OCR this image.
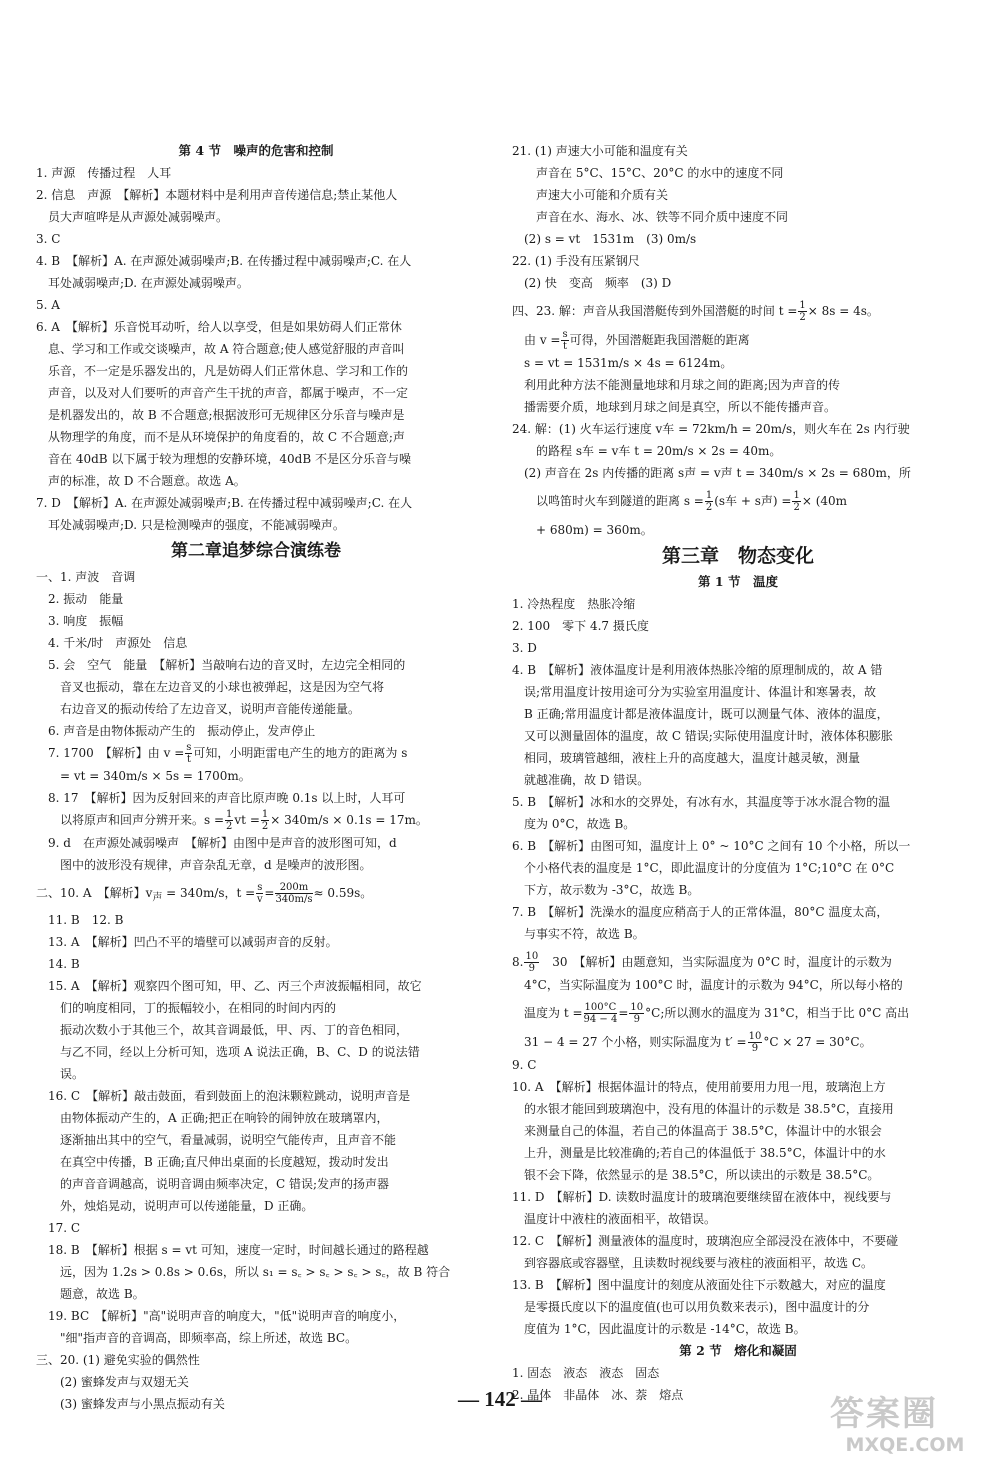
第 4 节　噪声的危害和控制
1. 声源　传播过程　人耳
2. 信息　声源　【解析】本题材料中是利用声音传递信息;禁止某他人
　员大声喧哗是从声源处减弱噪声。
3. C
4. B　【解析】A. 在声源处减弱噪声;B. 在传播过程中减弱噪声;C. 在人
　耳处减弱噪声;D. 在声源处减弱噪声。
5. A
6. A　【解析】乐音悦耳动听，给人以享受，但是如果妨碍人们正常休
　息、学习和工作或交谈噪声，故 A 符合题意;使人感觉舒服的声音叫
　乐音，不一定是乐器发出的，凡是妨碍人们正常休息、学习和工作的
　声音，以及对人们要听的声音产生干扰的声音，都属于噪声，不一定
　是机器发出的，故 B 不合题意;根据波形可无规律区分乐音与噪声是
　从物理学的角度，而不是从环境保护的角度看的，故 C 不合题意;声
　音在 40dB 以下属于较为理想的安静环境，40dB 不是区分乐音与噪
　声的标准，故 D 不合题意。故选 A。
7. D　【解析】A. 在声源处减弱噪声;B. 在传播过程中减弱噪声;C. 在人
　耳处减弱噪声;D. 只是检测噪声的强度，不能减弱噪声。
第二章追梦综合演练卷
一、1. 声波　音调
　2. 振动　能量
　3. 响度　振幅
　4. 千米/时　声源处　信息
　5. 会　空气　能量　【解析】当敲响右边的音叉时，左边完全相同的
　　音叉也振动，靠在左边音叉的小球也被弹起，这是因为空气将
　　右边音叉的振动传给了左边音叉，说明声音能传递能量。
　6. 声音是由物体振动产生的　振动停止，发声停止
　7. 1700　【解析】由 $v = \frac{s}{t}$ 可知，小明距雷电产生的地方的距离为 s
　　= vt = 340m/s × 5s = 1700m。
　8. 17　【解析】因为反射回来的声音比原声晚 0.1s 以上时，人耳可
　　以将原声和回声分辨开来。$s = \frac{1}{2}$ vt = $\frac{1}{2} \times 340m/s \times 0.1s = 17m$。
　9. d　在声源处减弱噪声　【解析】由图中是声音的波形图可知，d
　　图中的波形没有规律，声音杂乱无章，d 是噪声的波形图。
二、10. A　【解析】$v_声 = 340m/s$，$t = \frac{s}{v} = \frac{200m}{340m/s} \approx 0.59s$。
　11. B　12. B
　13. A　【解析】凹凸不平的墙壁可以减弱声音的反射。
　14. B
　15. A　【解析】观察四个图可知，甲、乙、丙三个声波振幅相同，故它
　　们的响度相同，丁的振幅较小，在相同的时间内丙的
　　振动次数小于其他三个，故其音调最低，甲、丙、丁的音色相同，
　　与乙不同，经以上分析可知，选项 A 说法正确，B、C、D 的说法错
　　误。
　16. C　【解析】敲击鼓面，看到鼓面上的泡沫颗粒跳动，说明声音是
　　由物体振动产生的，A 正确;把正在响铃的闹钟放在玻璃罩内，
　　逐渐抽出其中的空气，看量减弱，说明空气能传声，且声音不能
　　在真空中传播，B 正确;直尺伸出桌面的长度越短，拨动时发出
　　的声音音调越高，说明音调由频率决定，C 错误;发声的扬声器
　　外，烛焰晃动，说明声可以传递能量，D 正确。
　17. C
　18. B　【解析】根据 s = vt 可知，速度一定时，时间越长通过的路程越
　　远，因为 1.2s > 0.8s > 0.6s，所以 s₁ = s꜀ > s꜀ > s꜀ > s꜀，故 B 符合
　　题意，故选 B。
　19. BC　【解析】"高"说明声音的响度大，"低"说明声音的响度小，
　　"细"指声音的音调高，即频率高，综上所述，故选 BC。
三、20. (1) 避免实验的偶然性
　　(2) 蜜蜂发声与双翅无关
　　(3) 蜜蜂发声与小黑点振动有关
21. (1) 声速大小可能和温度有关
　　声音在 5°C、15°C、20°C 的水中的速度不同
　　声速大小可能和介质有关
　　声音在水、海水、冰、铁等不同介质中速度不同
　(2) s = vt　1531m　(3) 0m/s
22. (1) 手没有压紧钢尺
　(2) 快　变高　频率　(3) D
四、23. 解：声音从我国潜艇传到外国潜艇的时间 $t = \frac{1}{2} \times 8s = 4s$。
　由 $v = \frac{s}{t}$ 可得，外国潜艇距我国潜艇的距离
　s = vt = 1531m/s × 4s = 6124m。
　利用此种方法不能测量地球和月球之间的距离;因为声音的传
　播需要介质，地球到月球之间是真空，所以不能传播声音。
24. 解：(1) 火车运行速度 v车 = 72km/h = 20m/s，则火车在 2s 内行驶
　　的路程 s车 = v车 t = 20m/s × 2s = 40m。
　(2) 声音在 2s 内传播的距离 s声 = v声 t = 340m/s × 2s = 680m，所
　　以鸣笛时火车到隧道的距离 $s = \frac{1}{2} (s$车 + s声) = $\frac{1}{2} \times (40m$
　　+ 680m) = 360m。
第三章　物态变化
第 1 节　温度
1. 冷热程度　热胀冷缩
2. 100　零下 4.7 摄氏度
3. D
4. B　【解析】液体温度计是利用液体热胀冷缩的原理制成的，故 A 错
　误;常用温度计按用途可分为实验室用温度计、体温计和寒暑表，故
　B 正确;常用温度计都是液体温度计，既可以测量气体、液体的温度，
　又可以测量固体的温度，故 C 错误;实际使用温度计时，液体体积膨胀
　相同，玻璃管越细，液柱上升的高度越大，温度计越灵敏，测量
　就越准确，故 D 错误。
5. B　【解析】冰和水的交界处，有冰有水，其温度等于冰水混合物的温
　度为 0°C，故选 B。
6. B　【解析】由图可知，温度计上 0° ~ 10°C 之间有 10 个小格，所以一
　个小格代表的温度是 1°C，即此温度计的分度值为 1°C;10°C 在 0°C
　下方，故示数为 -3°C，故选 B。
7. B　【解析】洗澡水的温度应稍高于人的正常体温，80°C 温度太高，
　与事实不符，故选 B。
8. $\frac{10}{9}$ 　30　【解析】由题意知，当实际温度为 0°C 时，温度计的示数为
　4°C，当实际温度为 100°C 时，温度计的示数为 94°C，所以每小格的
　温度为 $t = \frac{100^\circ C}{94 - 4} = \frac{10}{9} ^\circ C$;所以测水的温度为 31°C，相当于比 0°C 高出
　31 − 4 = 27 个小格，则实际温度为 $t' = \frac{10}{9} ^\circ C \times 27 = 30^\circ C$。
9. C
10. A　【解析】根据体温计的特点，使用前要用力甩一甩，玻璃泡上方
　的水银才能回到玻璃泡中，没有甩的体温计的示数是 38.5°C，直接用
　来测量自己的体温，若自己的体温高于 38.5°C，体温计中的水银会
　上升，测量是比较准确的;若自己的体温低于 38.5°C，体温计中的水
　银不会下降，依然显示的是 38.5°C，所以读出的示数是 38.5°C。
11. D　【解析】D. 读数时温度计的玻璃泡要继续留在液体中，视线要与
　温度计中液柱的液面相平，故错误。
12. C　【解析】测量液体的温度时，玻璃泡应全部浸没在液体中，不要碰
　到容器底或容器壁，且读数时视线要与液柱的液面相平，故选 C。
13. B　【解析】图中温度计的刻度从液面处往下示数越大，对应的温度
　是零摄氏度以下的温度值(也可以用负数来表示)，图中温度计的分
　度值为 1°C，因此温度计的示数是 -14°C，故选 B。
第 2 节　熔化和凝固
1. 固态　液态　液态　固态
2. 晶体　非晶体　冰、萘　熔点
— 142 —	答案圈
MXQE.COM
